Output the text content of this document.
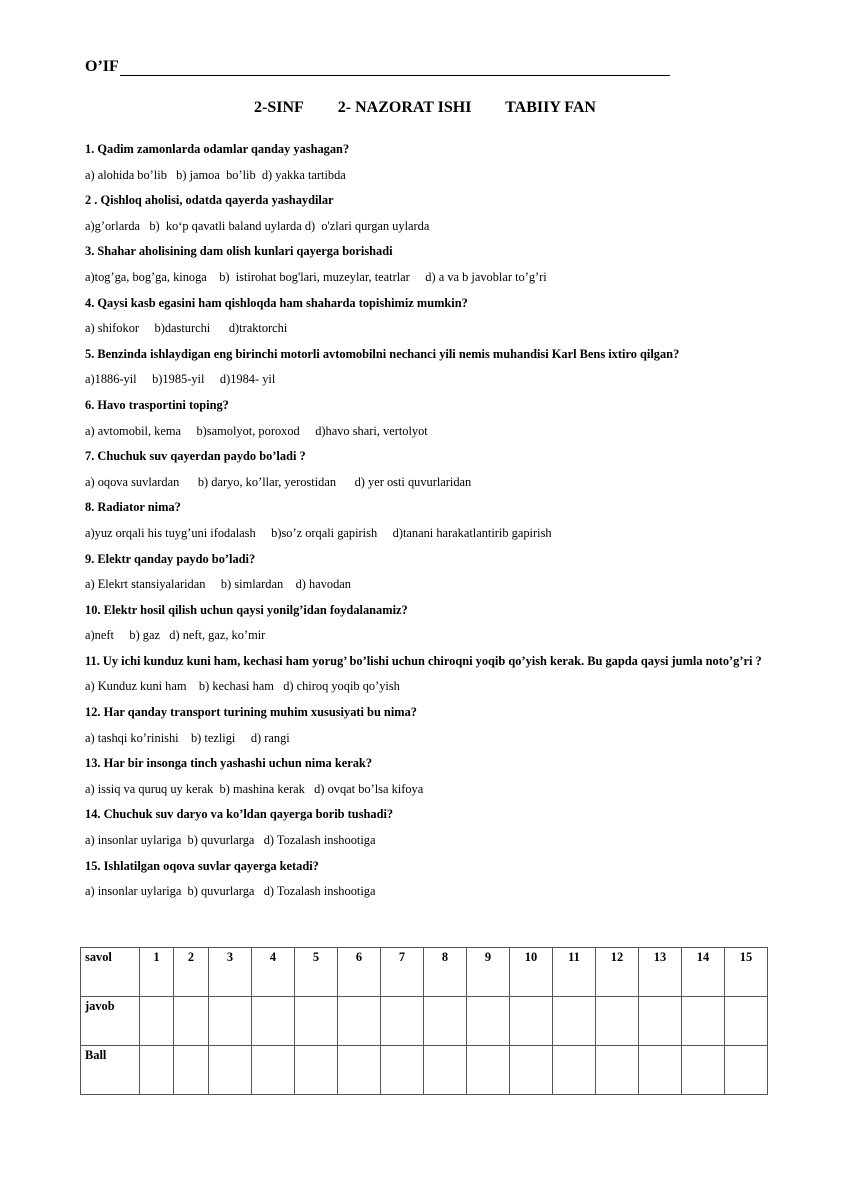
O’IF
2-SINF 2- NAZORAT ISHI TABIIY FAN

1. Qadim zamonlarda odamlar qanday yashagan?

a) alohida bo’lib   b) jamoa  bo’lib  d) yakka tartibda

2 . Qishloq aholisi, odatda qayerda yashaydilar

a)g’orlarda   b)  ko‘p qavatli baland uylarda d)  o'zlari qurgan uylarda

3. Shahar aholisining dam olish kunlari qayerga borishadi

a)tog’ga, bog’ga, kinoga    b)  istirohat bog'lari, muzeylar, teatrlar     d) a va b javoblar to’g’ri

4. Qaysi kasb egasini ham qishloqda ham shaharda topishimiz mumkin?

a) shifokor     b)dasturchi      d)traktorchi

5. Benzinda ishlaydigan eng birinchi motorli avtomobilni nechanci yili nemis muhandisi Karl Bens ixtiro qilgan?

a)1886-yil     b)1985-yil     d)1984- yil

6. Havo trasportini toping?

a) avtomobil, kema     b)samolyot, poroxod     d)havo shari, vertolyot

7. Chuchuk suv qayerdan paydo bo’ladi ?

a) oqova suvlardan      b) daryo, ko’llar, yerostidan      d) yer osti quvurlaridan

8. Radiator nima?

a)yuz orqali his tuyg’uni ifodalash     b)so’z orqali gapirish     d)tanani harakatlantirib gapirish

9. Elektr qanday paydo bo’ladi?

a) Elekrt stansiyalaridan     b) simlardan    d) havodan

10. Elektr hosil qilish uchun qaysi yonilg’idan foydalanamiz?

a)neft     b) gaz   d) neft, gaz, ko’mir

11. Uy ichi kunduz kuni ham, kechasi ham yorug’ bo’lishi uchun chiroqni yoqib qo’yish kerak. Bu gapda qaysi jumla noto’g’ri ?

a) Kunduz kuni ham    b) kechasi ham   d) chiroq yoqib qo’yish

12. Har qanday transport turining muhim xususiyati bu nima?

a) tashqi ko’rinishi    b) tezligi     d) rangi

13. Har bir insonga tinch yashashi uchun nima kerak?

a) issiq va quruq uy kerak  b) mashina kerak   d) ovqat bo’lsa kifoya

14. Chuchuk suv daryo va ko’ldan qayerga borib tushadi?

a) insonlar uylariga  b) quvurlarga   d) Tozalash inshootiga

15. Ishlatilgan oqova suvlar qayerga ketadi?

a) insonlar uylariga  b) quvurlarga   d) Tozalash inshootiga

savol	1	2	3	4	5	6	7	8	9	10	11	12	13	14	15
javob															
Ball															
